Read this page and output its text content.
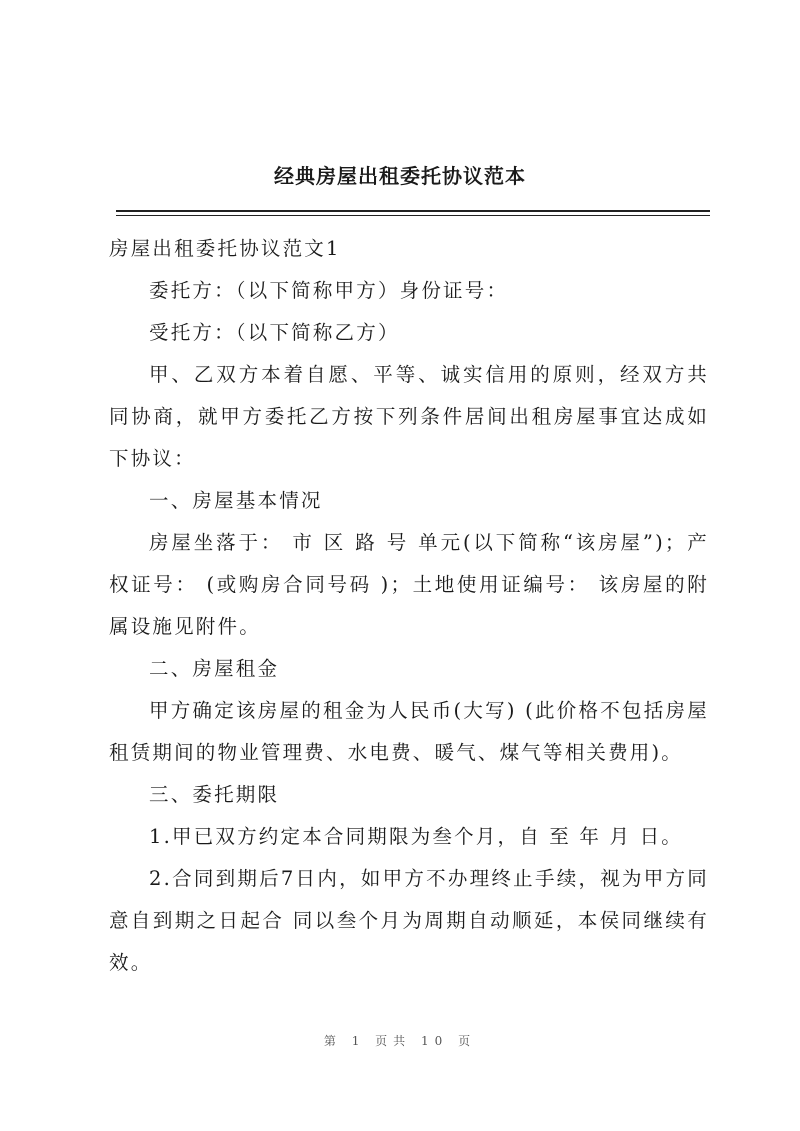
经典房屋出租委托协议范本

房屋出租委托协议范文1

委托方：（以下简称甲方）身份证号：

受托方：（以下简称乙方）

甲、乙双方本着自愿、平等、诚实信用的原则，经双方共同协商，就甲方委托乙方按下列条件居间出租房屋事宜达成如下协议：

一、房屋基本情况

房屋坐落于： 市 区 路 号 单元(以下简称“该房屋”)；产权证号： (或购房合同号码 )；土地使用证编号： 该房屋的附属设施见附件。

二、房屋租金

甲方确定该房屋的租金为人民币(大写) (此价格不包括房屋租赁期间的物业管理费、水电费、暖气、煤气等相关费用)。

三、委托期限

1.甲已双方约定本合同期限为叁个月，自 至 年 月 日。

2.合同到期后7日内，如甲方不办理终止手续，视为甲方同意自到期之日起合 同以叁个月为周期自动顺延，本侯同继续有效。

第 1 页共 10 页
